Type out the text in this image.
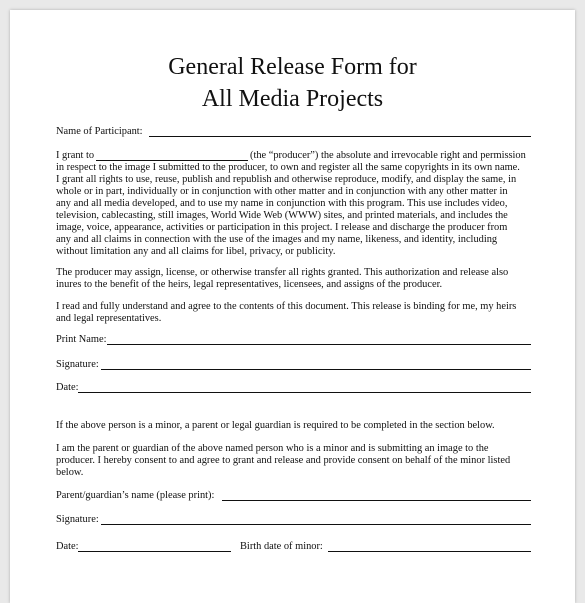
General Release Form for
All Media Projects
Name of Participant:
I grant to	(the “producer”) the absolute and irrevocable right and permission
in respect to the image I submitted to the producer, to own and register all the same copyrights in its own name.
I grant all rights to use, reuse, publish and republish and otherwise reproduce, modify, and display the same, in
whole or in part, individually or in conjunction with other matter and in conjunction with any other matter in
any and all media developed, and to use my name in conjunction with this program. This use includes video,
television, cablecasting, still images, World Wide Web (WWW) sites, and printed materials, and includes the
image, voice, appearance, activities or participation in this project. I release and discharge the producer from
any and all claims in connection with the use of the images and my name, likeness, and identity, including
without limitation any and all claims for libel, privacy, or publicity.
The producer may assign, license, or otherwise transfer all rights granted. This authorization and release also
inures to the benefit of the heirs, legal representatives, licensees, and assigns of the producer.
I read and fully understand and agree to the contents of this document. This release is binding for me, my heirs
and legal representatives.
Print Name:
Signature:
Date:
If the above person is a minor, a parent or legal guardian is required to be completed in the section below.
I am the parent or guardian of the above named person who is a minor and is submitting an image to the
producer. I hereby consent to and agree to grant and release and provide consent on behalf of the minor listed
below.
Parent/guardian’s name (please print):
Signature:
Date:	Birth date of minor:
